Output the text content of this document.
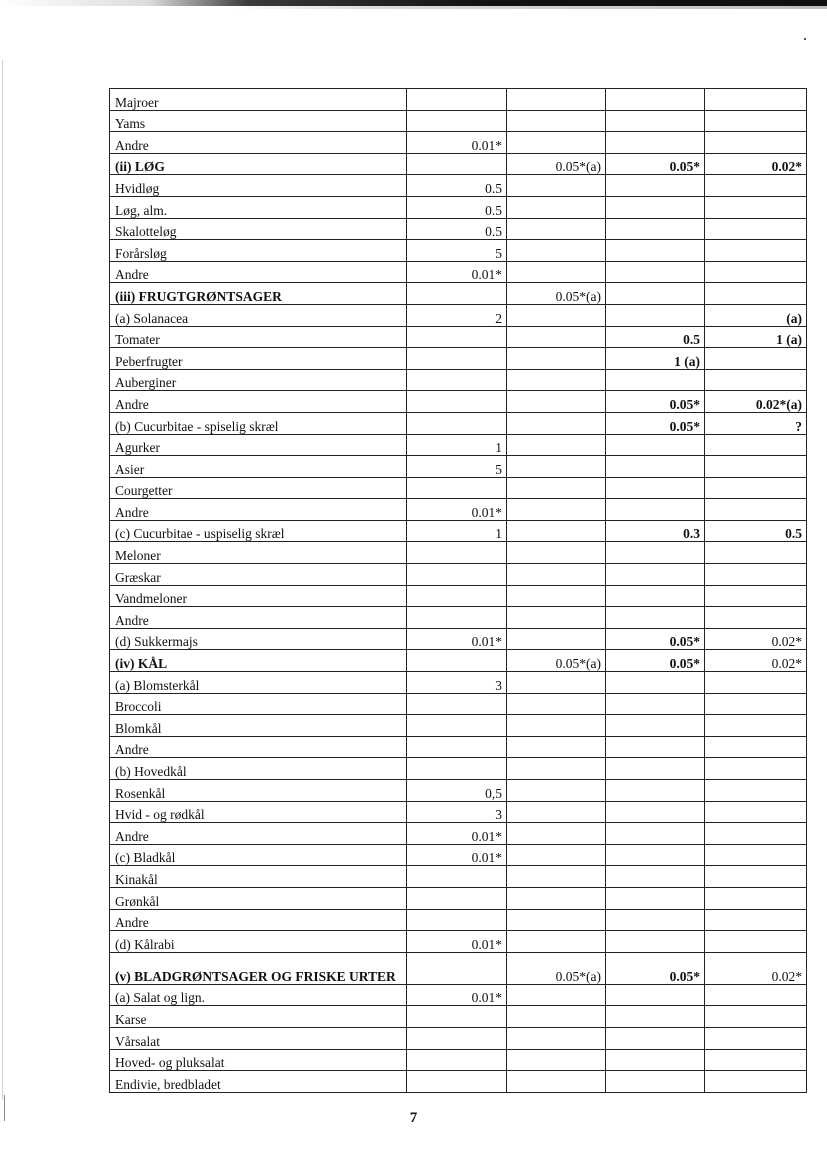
Majroer				
Yams				
Andre	0.01*			
(ii) LØG		0.05*(a)	0.05*	0.02*
Hvidløg	0.5			
Løg, alm.	0.5			
Skalotteløg	0.5			
Forårsløg	5			
Andre	0.01*			
(iii) FRUGTGRØNTSAGER		0.05*(a)		
(a) Solanacea	2			(a)
Tomater			0.5	1 (a)
Peberfrugter			1 (a)	
Auberginer				
Andre			0.05*	0.02*(a)
(b) Cucurbitae - spiselig skræl			0.05*	?
Agurker	1			
Asier	5			
Courgetter				
Andre	0.01*			
(c) Cucurbitae - uspiselig skræl	1		0.3	0.5
Meloner				
Græskar				
Vandmeloner				
Andre				
(d) Sukkermajs	0.01*		0.05*	0.02*
(iv) KÅL		0.05*(a)	0.05*	0.02*
(a) Blomsterkål	3			
Broccoli				
Blomkål				
Andre				
(b) Hovedkål				
Rosenkål	0,5			
Hvid - og rødkål	3			
Andre	0.01*			
(c) Bladkål	0.01*			
Kinakål				
Grønkål				
Andre				
(d) Kålrabi	0.01*			
(v) BLADGRØNTSAGER OG FRISKE URTER		0.05*(a)	0.05*	0.02*
(a) Salat og lign.	0.01*			
Karse				
Vårsalat				
Hoved- og pluksalat				
Endivie, bredbladet				
7
